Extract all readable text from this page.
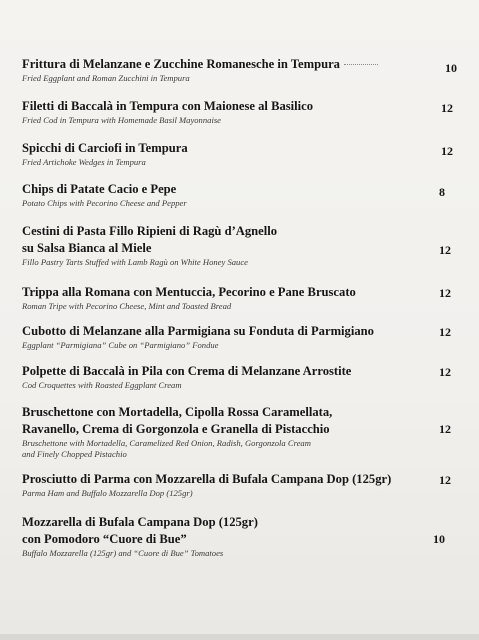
Frittura di Melanzane e Zucchine Romanesche in Tempura
Fried Eggplant and Roman Zucchini in Tempura
10
Filetti di Baccalà in Tempura con Maionese al Basilico
Fried Cod in Tempura with Homemade Basil Mayonnaise
12
Spicchi di Carciofi in Tempura
Fried Artichoke Wedges in Tempura
12
Chips di Patate Cacio e Pepe
Potato Chips with Pecorino Cheese and Pepper
8
Cestini di Pasta Fillo Ripieni di Ragù d’Agnello
su Salsa Bianca al Miele
Fillo Pastry Tarts Stuffed with Lamb Ragù on White Honey Sauce
12
Trippa alla Romana con Mentuccia, Pecorino e Pane Bruscato
Roman Tripe with Pecorino Cheese, Mint and Toasted Bread
12
Cubotto di Melanzane alla Parmigiana su Fonduta di Parmigiano
Eggplant “Parmigiana” Cube on “Parmigiano” Fondue
12
Polpette di Baccalà in Pila con Crema di Melanzane Arrostite
Cod Croquettes with Roasted Eggplant Cream
12
Bruschettone con Mortadella, Cipolla Rossa Caramellata,
Ravanello, Crema di Gorgonzola e Granella di Pistacchio
Bruschettone with Mortadella, Caramelized Red Onion, Radish, Gorgonzola Cream
and Finely Chopped Pistachio
12
Prosciutto di Parma con Mozzarella di Bufala Campana Dop (125gr)
Parma Ham and Buffalo Mozzarella Dop (125gr)
12
Mozzarella di Bufala Campana Dop (125gr)
con Pomodoro “Cuore di Bue”
Buffalo Mozzarella (125gr) and “Cuore di Bue” Tomatoes
10
